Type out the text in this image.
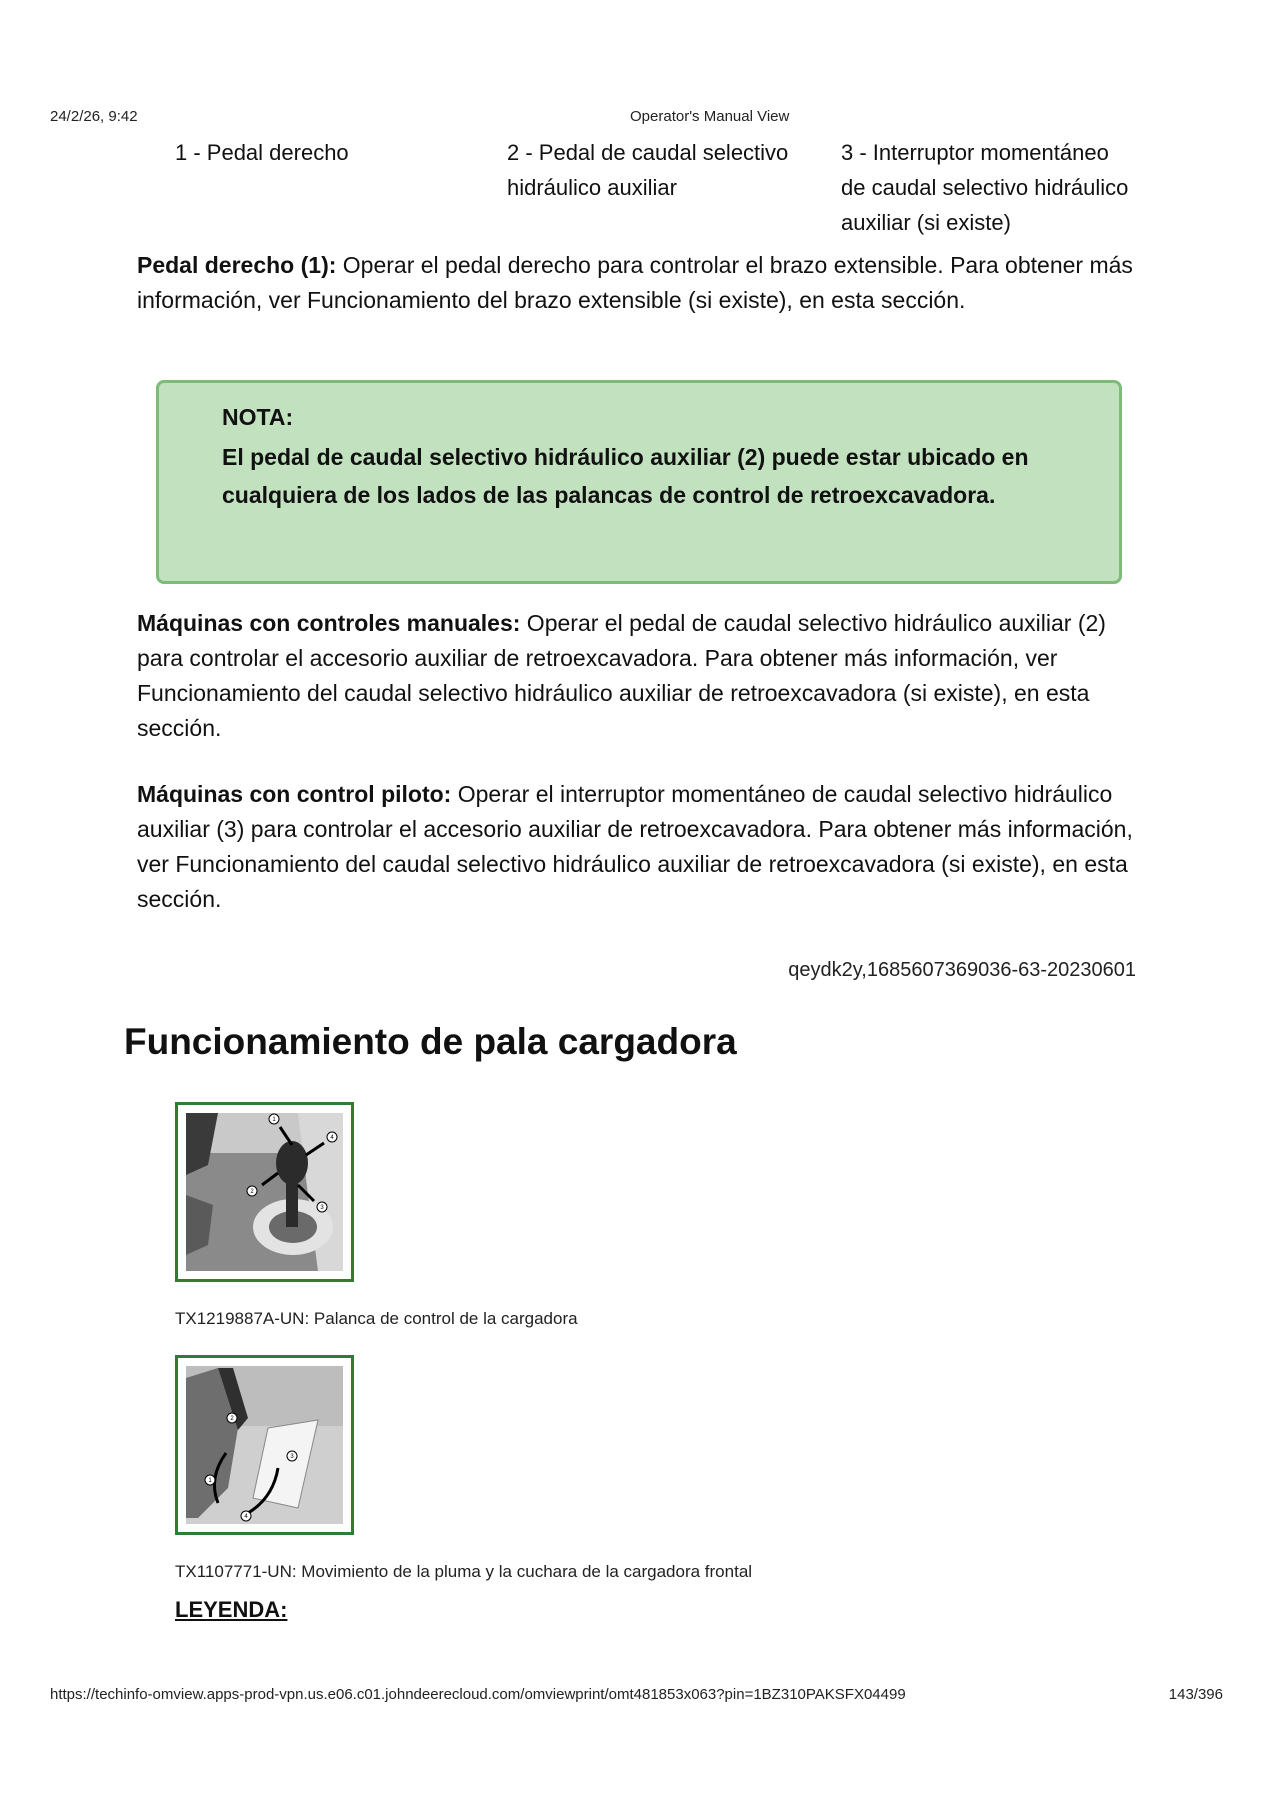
24/2/26, 9:42	Operator's Manual View
1 - Pedal derecho	2 - Pedal de caudal selectivo
hidráulico auxiliar
3 - Interruptor momentáneo
de caudal selectivo hidráulico
auxiliar (si existe)
Pedal derecho (1): Operar el pedal derecho para controlar el brazo extensible. Para obtener más información, ver Funcionamiento del brazo extensible (si existe), en esta sección.
NOTA:
El pedal de caudal selectivo hidráulico auxiliar (2) puede estar ubicado en cualquiera de los lados de las palancas de control de retroexcavadora.
Máquinas con controles manuales: Operar el pedal de caudal selectivo hidráulico auxiliar (2) para controlar el accesorio auxiliar de retroexcavadora. Para obtener más información, ver Funcionamiento del caudal selectivo hidráulico auxiliar de retroexcavadora (si existe), en esta sección.
Máquinas con control piloto: Operar el interruptor momentáneo de caudal selectivo hidráulico auxiliar (3) para controlar el accesorio auxiliar de retroexcavadora. Para obtener más información, ver Funcionamiento del caudal selectivo hidráulico auxiliar de retroexcavadora (si existe), en esta sección.
qeydk2y,1685607369036-63-20230601
Funcionamiento de pala cargadora
1
2
3
4
TX1219887A-UN: Palanca de control de la cargadora
1
2
3
4
TX1107771-UN: Movimiento de la pluma y la cuchara de la cargadora frontal
LEYENDA:
https://techinfo-omview.apps-prod-vpn.us.e06.c01.johndeerecloud.com/omviewprint/omt481853x063?pin=1BZ310PAKSFX04499	143/396
